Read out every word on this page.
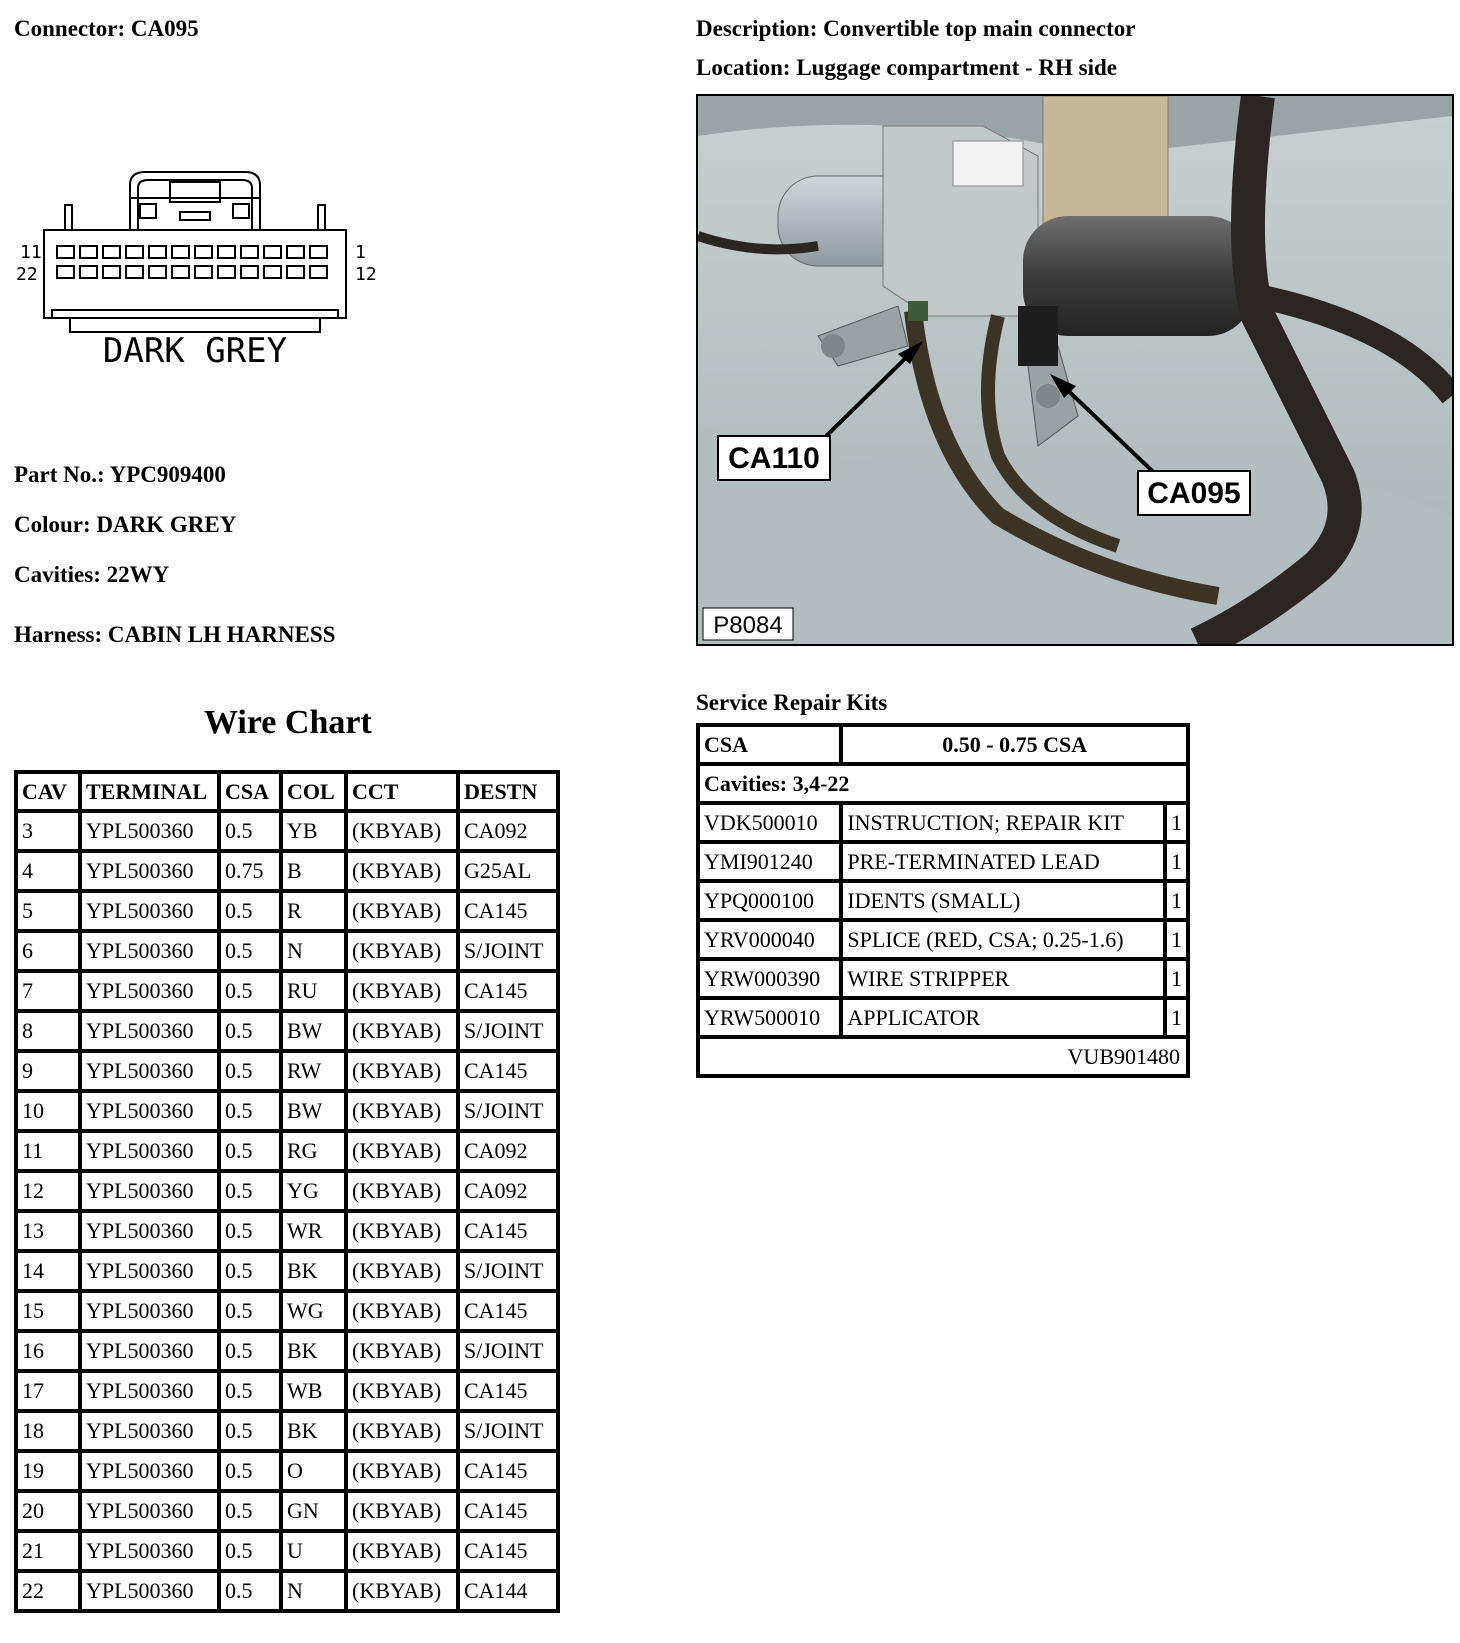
Connector: CA095	Description: Convertible top main connector
Location: Luggage compartment - RH side
11
22
1
12
DARK GREY
Part No.: YPC909400
Colour: DARK GREY
Cavities: 22WY
Harness: CABIN LH HARNESS
CA110
CA095
P8084
Wire Chart
CAV	TERMINAL	CSA	COL	CCT	DESTN
3	YPL500360	0.5	YB	(KBYAB)	CA092
4	YPL500360	0.75	B	(KBYAB)	G25AL
5	YPL500360	0.5	R	(KBYAB)	CA145
6	YPL500360	0.5	N	(KBYAB)	S/JOINT
7	YPL500360	0.5	RU	(KBYAB)	CA145
8	YPL500360	0.5	BW	(KBYAB)	S/JOINT
9	YPL500360	0.5	RW	(KBYAB)	CA145
10	YPL500360	0.5	BW	(KBYAB)	S/JOINT
11	YPL500360	0.5	RG	(KBYAB)	CA092
12	YPL500360	0.5	YG	(KBYAB)	CA092
13	YPL500360	0.5	WR	(KBYAB)	CA145
14	YPL500360	0.5	BK	(KBYAB)	S/JOINT
15	YPL500360	0.5	WG	(KBYAB)	CA145
16	YPL500360	0.5	BK	(KBYAB)	S/JOINT
17	YPL500360	0.5	WB	(KBYAB)	CA145
18	YPL500360	0.5	BK	(KBYAB)	S/JOINT
19	YPL500360	0.5	O	(KBYAB)	CA145
20	YPL500360	0.5	GN	(KBYAB)	CA145
21	YPL500360	0.5	U	(KBYAB)	CA145
22	YPL500360	0.5	N	(KBYAB)	CA144
Service Repair Kits
CSA	0.50 - 0.75 CSA	
Cavities: 3,4-22		
VDK500010	INSTRUCTION; REPAIR KIT	1
YMI901240	PRE-TERMINATED LEAD	1
YPQ000100	IDENTS (SMALL)	1
YRV000040	SPLICE (RED, CSA; 0.25-1.6)	1
YRW000390	WIRE STRIPPER	1
YRW500010	APPLICATOR	1
VUB901480		
